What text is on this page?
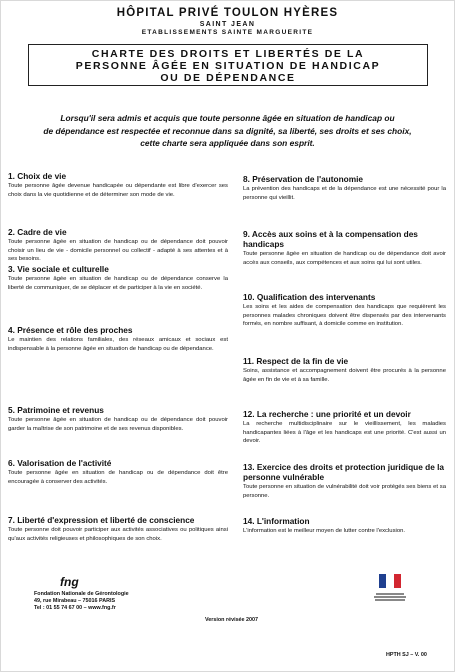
HÔPITAL PRIVÉ TOULON HYÈRES
SAINT JEAN
ETABLISSEMENTS SAINTE MARGUERITE
CHARTE DES DROITS ET LIBERTÉS DE LA
PERSONNE ÂGÉE EN SITUATION DE HANDICAP
OU DE DÉPENDANCE
Lorsqu'il sera admis et acquis que toute personne âgée en situation de handicap ou
de dépendance est respectée et reconnue dans sa dignité, sa liberté, ses droits et ses choix,
cette charte sera appliquée dans son esprit.
1. Choix de vie
Toute personne âgée devenue handicapée ou dépendante est libre d'exercer ses choix dans la vie quotidienne et de déterminer son mode de vie.
2. Cadre de vie
Toute personne âgée en situation de handicap ou de dépendance doit pouvoir choisir un lieu de vie - domicile personnel ou collectif - adapté à ses attentes et à ses besoins.
3. Vie sociale et culturelle
Toute personne âgée en situation de handicap ou de dépendance conserve la liberté de communiquer, de se déplacer et de participer à la vie en société.
4. Présence et rôle des proches
Le maintien des relations familiales, des réseaux amicaux et sociaux est indispensable à la personne âgée en situation de handicap ou de dépendance.
5. Patrimoine et revenus
Toute personne âgée en situation de handicap ou de dépendance doit pouvoir garder la maîtrise de son patrimoine et de ses revenus disponibles.
6. Valorisation de l'activité
Toute personne âgée en situation de handicap ou de dépendance doit être encouragée à conserver des activités.
7. Liberté d'expression et liberté de conscience
Toute personne doit pouvoir participer aux activités associatives ou politiques ainsi qu'aux activités religieuses et philosophiques de son choix.
8. Préservation de l'autonomie
La prévention des handicaps et de la dépendance est une nécessité pour la personne qui vieillit.
9. Accès aux soins et à la compensation des handicaps
Toute personne âgée en situation de handicap ou de dépendance doit avoir accès aux conseils, aux compétences et aux soins qui lui sont utiles.
10. Qualification des intervenants
Les soins et les aides de compensation des handicaps que requièrent les personnes malades chroniques doivent être dispensés par des intervenants formés, en nombre suffisant, à domicile comme en institution.
11. Respect de la fin de vie
Soins, assistance et accompagnement doivent être procurés à la personne âgée en fin de vie et à sa famille.
12. La recherche : une priorité et un devoir
La recherche multidisciplinaire sur le vieillissement, les maladies handicapantes liées à l'âge et les handicaps est une priorité. C'est aussi un devoir.
13. Exercice des droits et protection juridique de la personne vulnérable
Toute personne en situation de vulnérabilité doit voir protégés ses biens et sa personne.
14. L'information
L'information est le meilleur moyen de lutter contre l'exclusion.
fng
Fondation Nationale de Gérontologie
49, rue Mirabeau – 75016 PARIS
Tel : 01 55 74 67 00 – www.fng.fr
Version révisée 2007
HPTH SJ – V. 00
